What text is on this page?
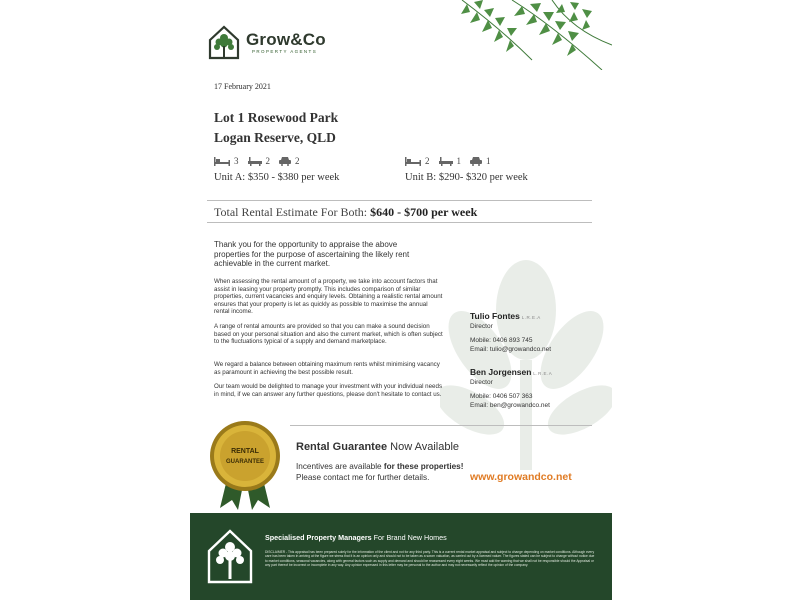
Grow&Co
PROPERTY AGENTS
17 February 2021
Lot 1 Rosewood Park
Logan Reserve, QLD
3	2	2
Unit A: $350 - $380 per week
2	1	1
Unit B: $290- $320 per week
Total Rental Estimate For Both: $640 - $700 per week
Thank you for the opportunity to appraise the above properties for the purpose of ascertaining the likely rent achievable in the current market.
When assessing the rental amount of a property, we take into account factors that assist in leasing your property promptly. This includes comparison of similar properties, current vacancies and enquiry levels. Obtaining a realistic rental amount ensures that your property is let as quickly as possible to maximise the annual rental income.
A range of rental amounts are provided so that you can make a sound decision based on your personal situation and also the current market, which is often subject to the fluctuations typical of a supply and demand marketplace.
We regard a balance between obtaining maximum rents whilst minimising vacancy as paramount in achieving the best possible result.
Our team would be delighted to manage your investment with your individual needs in mind, if we can answer any further questions, please don't hesitate to contact us.
Tulio Fontes L.R.E.A
Director
Mobile: 0406 893 745
Email: tulio@growandco.net
Ben Jorgensen L.R.E.A
Director
Mobile: 0406 507 363
Email: ben@growandco.net
RENTAL
GUARANTEE
Rental Guarantee Now Available
Incentives are available for these properties!
Please contact me for further details.	www.growandco.net
Specialised Property Managers For Brand New Homes
DISCLAIMER - This appraisal has been prepared solely for the information of the client and not for any third party. This is a current rental market appraisal and subject to change depending on market conditions. Although every care has been taken in arriving at the figure we stress that it is an opinion only and should not to be taken as a sworn valuation, as carried out by a licensed valuer. The figures stated can be subject to change without notice due to market conditions, seasonal vacancies, along with general factors such as supply and demand and should be reassessed every eight weeks. We must add the warning that we shall not be responsible should the Appraisal or any part thereof be incorrect or incomplete in any way. Any opinion expressed in this letter may be personal to the author and may not necessarily reflect the opinion of the company.
